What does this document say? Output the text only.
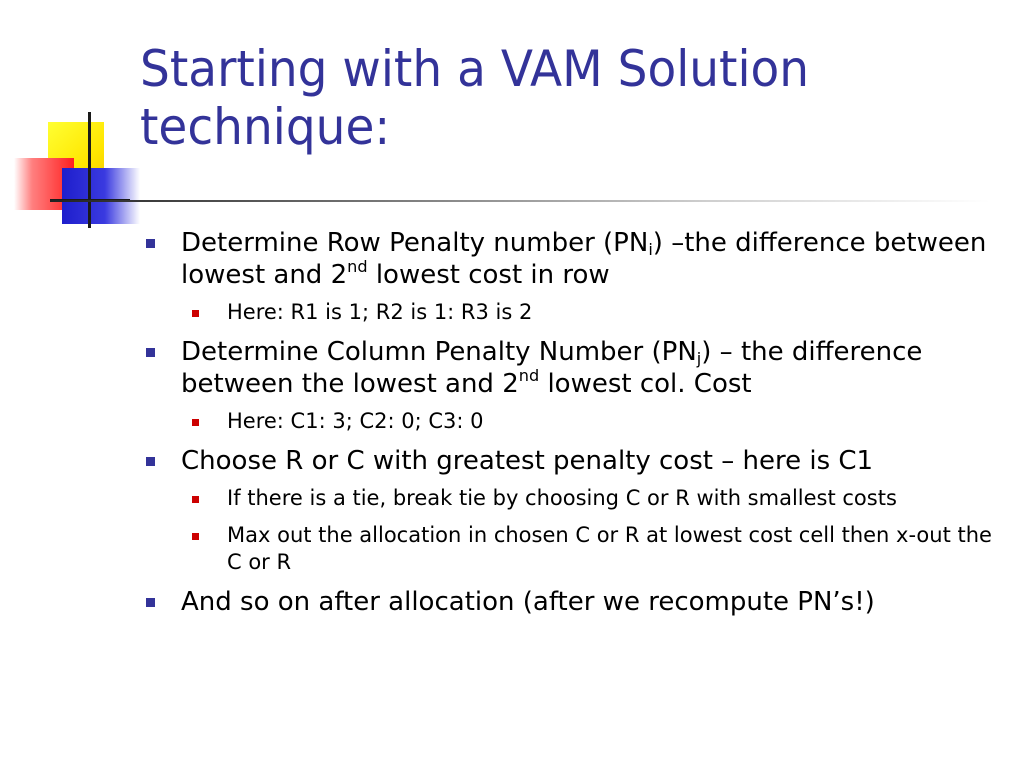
Starting with a VAM Solution
technique:
Determine Row Penalty number $(PN_i)$ –the difference between lowest and 2nd lowest cost in row
Here: R1 is 1; R2 is 1: R3 is 2
Determine Column Penalty Number $(PN_j)$ – the difference between the lowest and 2nd lowest col. Cost
Here: C1: 3; C2: 0; C3: 0
Choose R or C with greatest penalty cost – here is C1
If there is a tie, break tie by choosing C or R with smallest costs
Max out the allocation in chosen C or R at lowest cost cell then x-out the C or R
And so on after allocation (after we recompute PN’s!)
